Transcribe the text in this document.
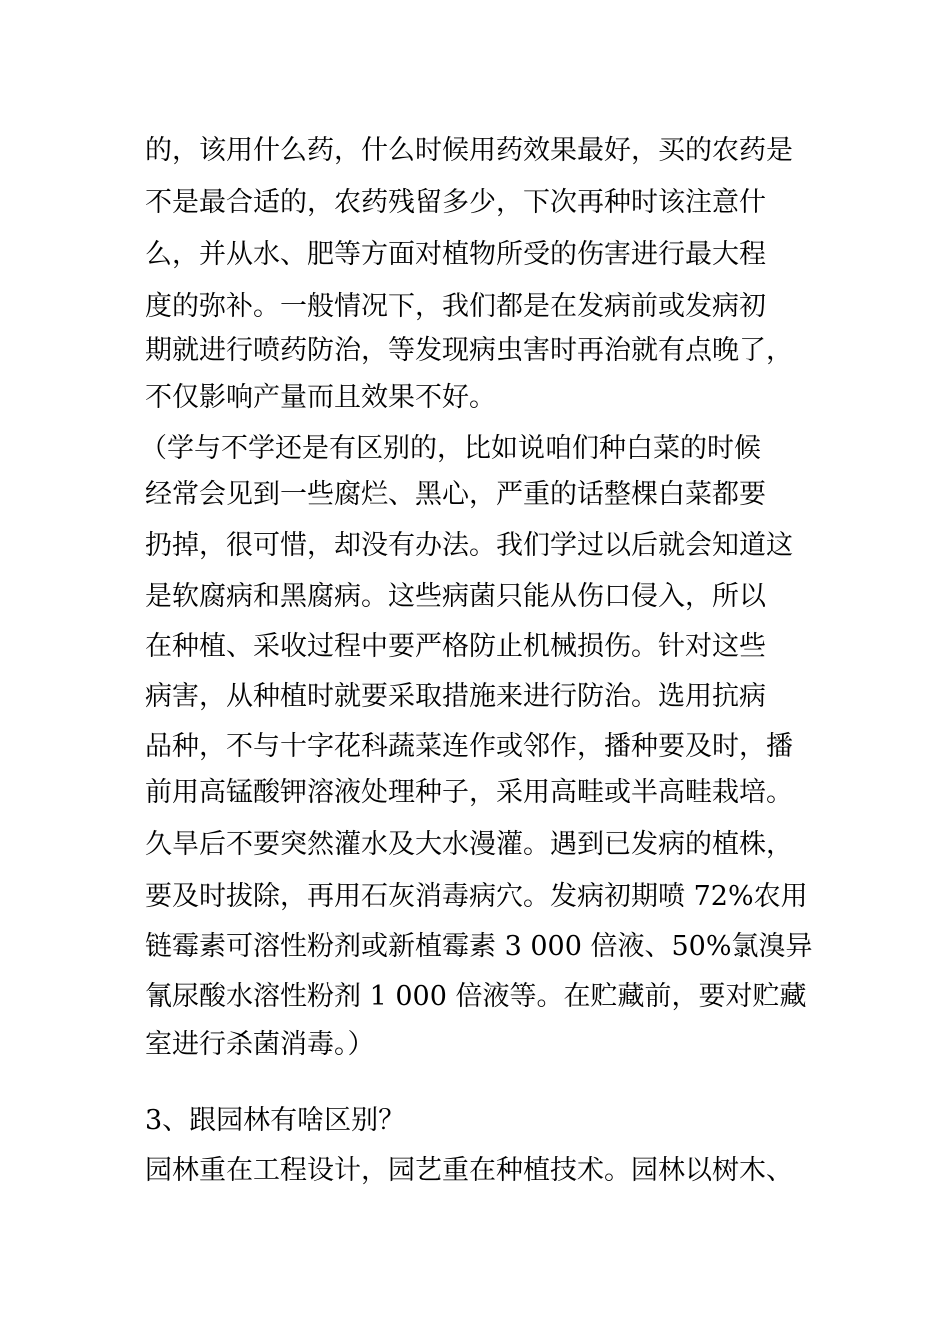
的，该用什么药，什么时候用药效果最好，买的农药是
不是最合适的，农药残留多少，下次再种时该注意什
么，并从水、肥等方面对植物所受的伤害进行最大程
度的弥补。一般情况下，我们都是在发病前或发病初
期就进行喷药防治，等发现病虫害时再治就有点晚了，
不仅影响产量而且效果不好。
（学与不学还是有区别的，比如说咱们种白菜的时候
经常会见到一些腐烂、黑心，严重的话整棵白菜都要
扔掉，很可惜，却没有办法。我们学过以后就会知道这
是软腐病和黑腐病。这些病菌只能从伤口侵入，所以
在种植、采收过程中要严格防止机械损伤。针对这些
病害，从种植时就要采取措施来进行防治。选用抗病
品种，不与十字花科蔬菜连作或邻作，播种要及时，播
前用高锰酸钾溶液处理种子，采用高畦或半高畦栽培。
久旱后不要突然灌水及大水漫灌。遇到已发病的植株，
要及时拔除，再用石灰消毒病穴。发病初期喷 72%农用
链霉素可溶性粉剂或新植霉素 3 000 倍液、50%氯溴异
氰尿酸水溶性粉剂 1 000 倍液等。在贮藏前，要对贮藏
室进行杀菌消毒。）
3、跟园林有啥区别？
园林重在工程设计，园艺重在种植技术。园林以树木、
